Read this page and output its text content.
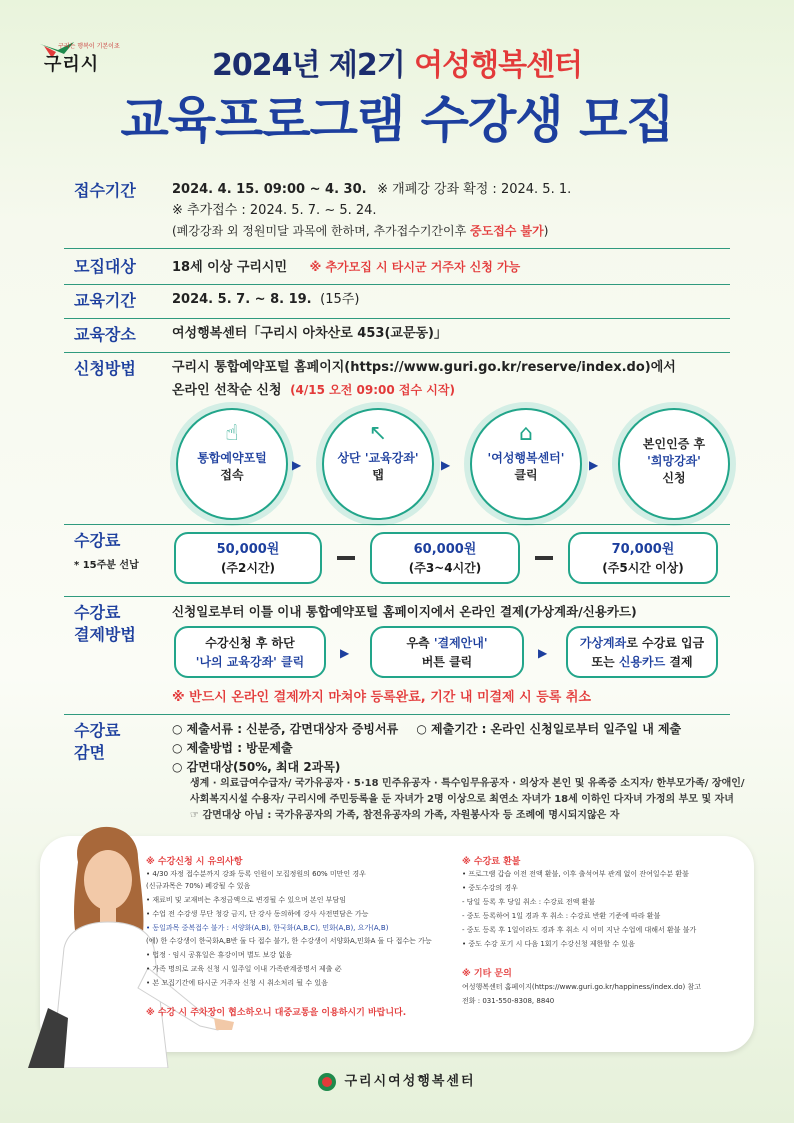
구리는 행복이 기본이죠
구리시	2024년 제2기 여성행복센터
교육프로그램 수강생 모집
접수기간	2024. 4. 15. 09:00 ~ 4. 30. ※ 개폐강 강좌 확정 : 2024. 5. 1.
※ 추가접수 : 2024. 5. 7. ~ 5. 24.
(폐강강좌 외 정원미달 과목에 한하며, 추가접수기간이후 중도접수 불가)
모집대상	18세 이상 구리시민 ※ 추가모집 시 타시군 거주자 신청 가능
교육기간	2024. 5. 7. ~ 8. 19. (15주)
교육장소	여성행복센터「구리시 아차산로 453(교문동)」
신청방법	구리시 통합예약포털 홈페이지(https://www.guri.go.kr/reserve/index.do)에서
온라인 선착순 신청 (4/15 오전 09:00 접수 시작)
☝
통합예약포털
접속
▶
↖
상단 '교육강좌'
탭
▶
⌂
'여성행복센터'
클릭
▶
본인인증 후
'희망강좌'
신청
수강료
* 15주분 선납
50,000원
(주2시간)
60,000원
(주3~4시간)
70,000원
(주5시간 이상)
수강료
결제방법
신청일로부터 이틀 이내 통합예약포털 홈페이지에서 온라인 결제(가상계좌/신용카드)
수강신청 후 하단
'나의 교육강좌' 클릭
▶
우측 '결제안내'
버튼 클릭
▶
가상계좌로 수강료 입금
또는 신용카드 결제
※ 반드시 온라인 결제까지 마쳐야 등록완료, 기간 내 미결제 시 등록 취소
수강료
감면
○ 제출서류 : 신분증, 감면대상자 증빙서류 ○ 제출기간 : 온라인 신청일로부터 일주일 내 제출
○ 제출방법 : 방문제출
○ 감면대상(50%, 최대 2과목)
생계 · 의료급여수급자/ 국가유공자 · 5·18 민주유공자 · 특수임무유공자 · 의상자 본인 및 유족중 소지자/ 한부모가족/ 장애인/
사회복지시설 수용자/ 구리시에 주민등록을 둔 자녀가 2명 이상으로 최연소 자녀가 18세 이하인 다자녀 가정의 부모 및 자녀
☞ 감면대상 아님 : 국가유공자의 가족, 참전유공자의 가족, 자원봉사자 등 조례에 명시되지않은 자
※ 수강신청 시 유의사항
• 4/30 자정 접수분까지 강좌 등록 인원이 모집정원의 60% 미만인 경우
(신규과목은 70%) 폐강될 수 있음
• 재료비 및 교재비는 추정금액으로 변경될 수 있으며 본인 부담임
• 수업 전 수강생 무단 청강 금지, 단 강사 동의하에 강사 사전면담은 가능
• 동일과목 중복접수 불가 : 서양화(A,B), 한국화(A,B,C), 민화(A,B), 요가(A,B)
(예) 한 수강생이 한국화A,B반 둘 다 접수 불가, 한 수강생이 서양화A,민화A 둘 다 접수는 가능
• 법정 · 임시 공휴일은 휴강이며 별도 보강 없음
• 가족 명의로 교육 신청 시 일주일 이내 가족관계증명서 제출 必
• 본 모집기간에 타시군 거주자 신청 시 취소처리 될 수 있음
※ 수강 시 주차장이 협소하오니 대중교통을 이용하시기 바랍니다.
※ 수강료 환불
• 프로그램 갑습 이전 전액 환불, 이후 출석여부 관계 없이 잔여일수분 환불
• 중도수강의 경우
- 당일 등록 후 당일 취소 : 수강료 전액 환불
- 중도 등록하여 1일 경과 후 취소 : 수강료 반환 기준에 따라 환불
- 중도 등록 후 1일이라도 경과 후 취소 시 이미 지난 수업에 대해서 환불 불가
• 중도 수강 포기 시 다음 1회기 수강신청 제한할 수 있음
※ 기타 문의
여성행복센터 홈페이지(https://www.guri.go.kr/happiness/index.do) 참고
전화 : 031-550-8308, 8840
구리시여성행복센터
